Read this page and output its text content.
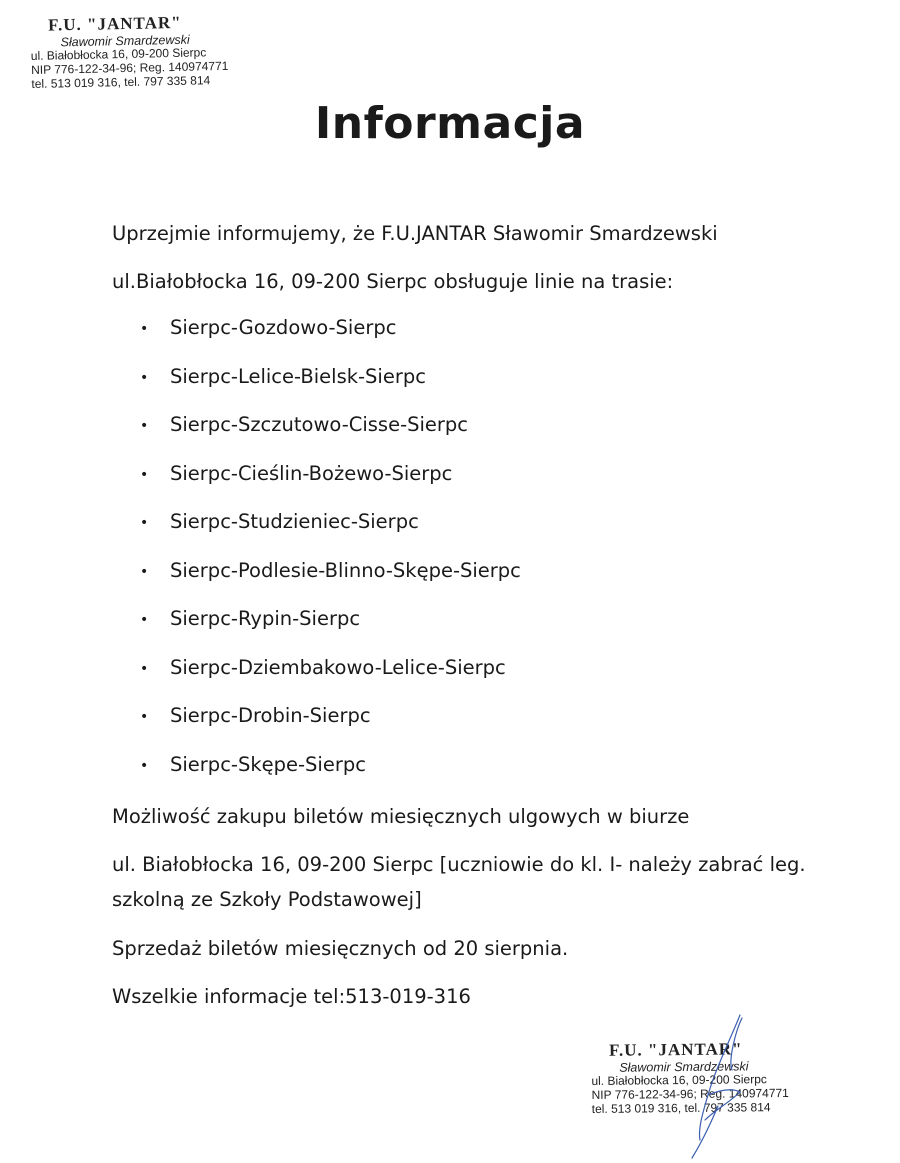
F.U. "JANTAR"
Sławomir Smardzewski
ul. Białobłocka 16, 09-200 Sierpc
NIP 776-122-34-96; Reg. 140974771
tel. 513 019 316, tel. 797 335 814
Informacja

Uprzejmie informujemy, że F.U.JANTAR Sławomir Smardzewski

ul.Białobłocka 16, 09-200 Sierpc obsługuje linie na trasie:

•	Sierpc-Gozdowo-Sierpc
•	Sierpc-Lelice-Bielsk-Sierpc
•	Sierpc-Szczutowo-Cisse-Sierpc
•	Sierpc-Cieślin-Bożewo-Sierpc
•	Sierpc-Studzieniec-Sierpc
•	Sierpc-Podlesie-Blinno-Skępe-Sierpc
•	Sierpc-Rypin-Sierpc
•	Sierpc-Dziembakowo-Lelice-Sierpc
•	Sierpc-Drobin-Sierpc
•	Sierpc-Skępe-Sierpc

Możliwość zakupu biletów miesięcznych ulgowych w biurze

ul. Białobłocka 16, 09-200 Sierpc [uczniowie do kl. I- należy zabrać leg.

szkolną ze Szkoły Podstawowej]

Sprzedaż biletów miesięcznych od 20 sierpnia.

Wszelkie informacje tel:513-019-316

F.U. "JANTAR"
Sławomir Smardzewski
ul. Białobłocka 16, 09-200 Sierpc
NIP 776-122-34-96; Reg. 140974771
tel. 513 019 316, tel. 797 335 814
